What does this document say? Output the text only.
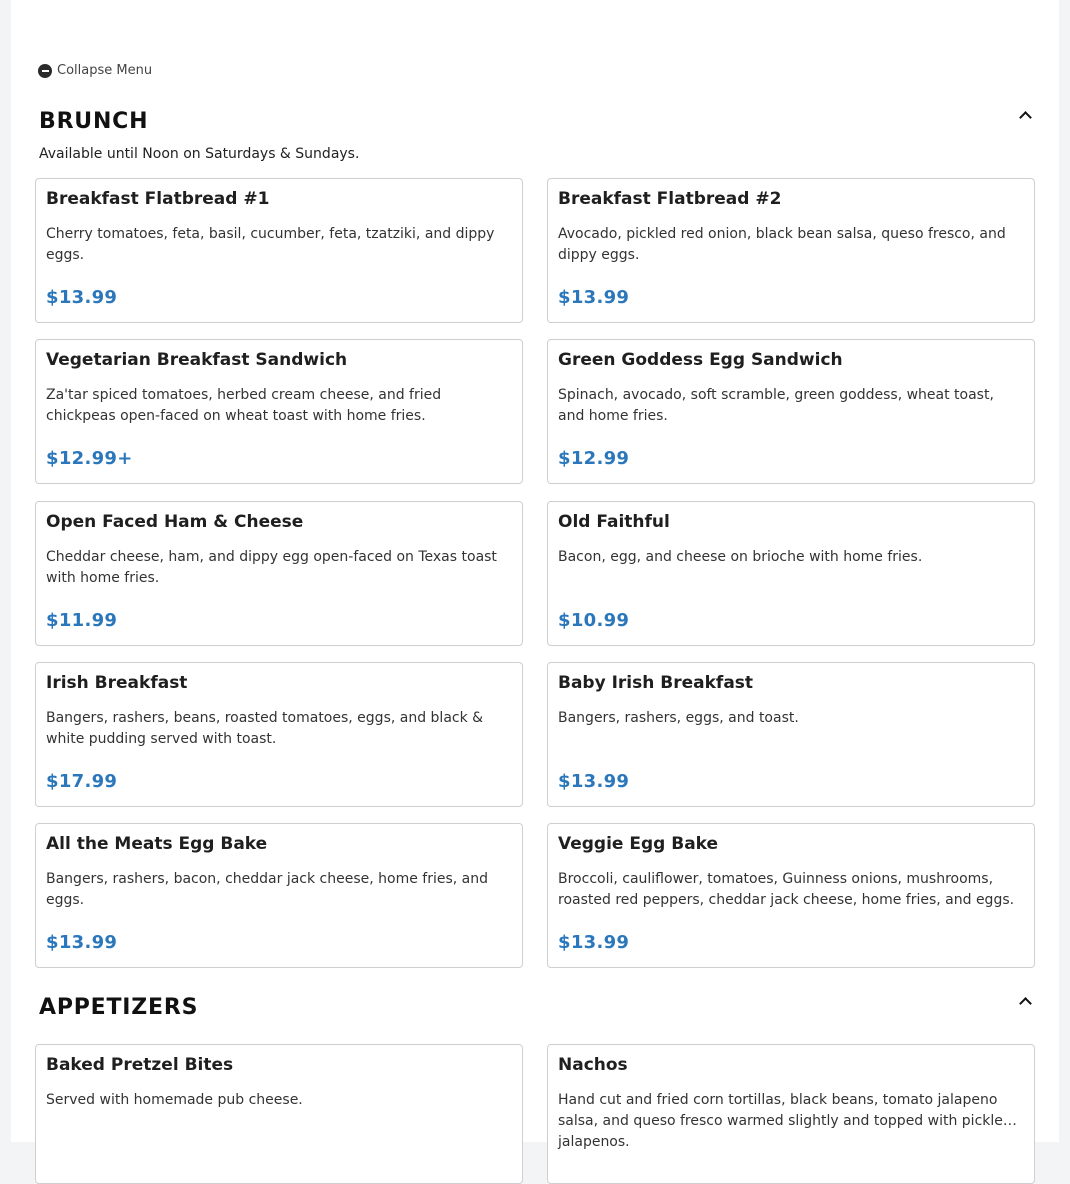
Collapse Menu
BRUNCH
Available until Noon on Saturdays & Sundays.
Breakfast Flatbread #1
Cherry tomatoes, feta, basil, cucumber, feta, tzatziki, and dippy eggs.
$13.99
Breakfast Flatbread #2
Avocado, pickled red onion, black bean salsa, queso fresco, and dippy eggs.
$13.99
Vegetarian Breakfast Sandwich
Za'tar spiced tomatoes, herbed cream cheese, and fried chickpeas open-faced on wheat toast with home fries.
$12.99+
Green Goddess Egg Sandwich
Spinach, avocado, soft scramble, green goddess, wheat toast, and home fries.
$12.99
Open Faced Ham & Cheese
Cheddar cheese, ham, and dippy egg open-faced on Texas toast with home fries.
$11.99
Old Faithful
Bacon, egg, and cheese on brioche with home fries.
$10.99
Irish Breakfast
Bangers, rashers, beans, roasted tomatoes, eggs, and black & white pudding served with toast.
$17.99
Baby Irish Breakfast
Bangers, rashers, eggs, and toast.
$13.99
All the Meats Egg Bake
Bangers, rashers, bacon, cheddar jack cheese, home fries, and eggs.
$13.99
Veggie Egg Bake
Broccoli, cauliflower, tomatoes, Guinness onions, mushrooms, roasted red peppers, cheddar jack cheese, home fries, and eggs.
$13.99
APPETIZERS
Baked Pretzel Bites
Served with homemade pub cheese.
Nachos
Hand cut and fried corn tortillas, black beans, tomato jalapeno salsa, and queso fresco warmed slightly and topped with pickled jalapenos.
